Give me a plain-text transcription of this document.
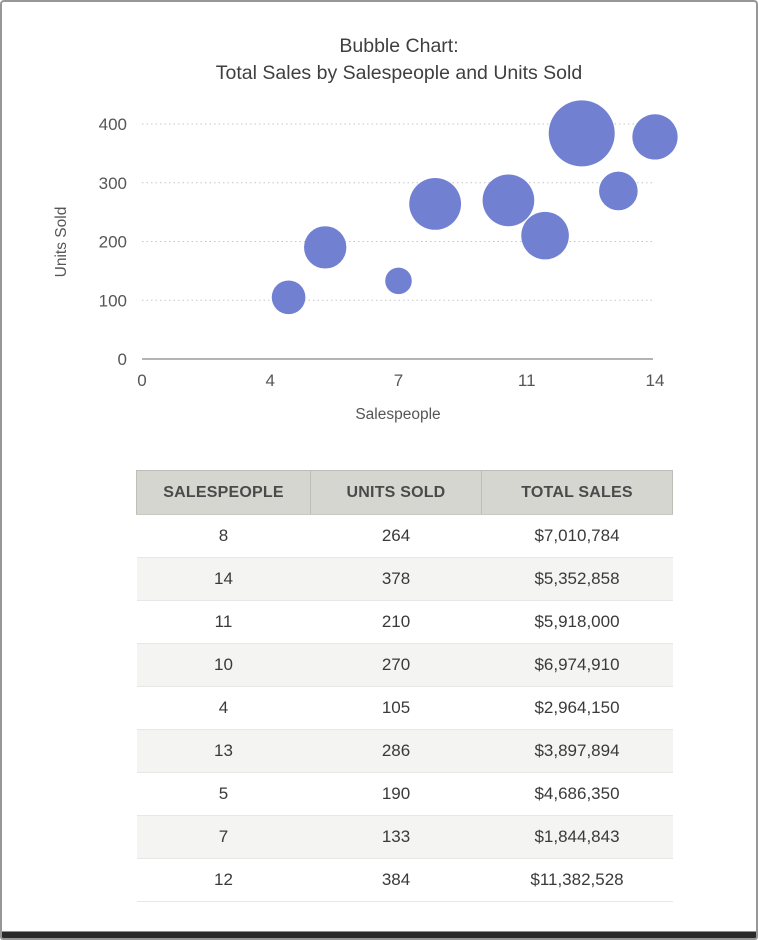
Bubble Chart:
Total Sales by Salespeople and Units Sold
0
100
200
300
400
0	4	7	11	14
Units Sold
Salespeople
SALESPEOPLE	UNITS SOLD	TOTAL SALES
8	264	$7,010,784
14	378	$5,352,858
11	210	$5,918,000
10	270	$6,974,910
4	105	$2,964,150
13	286	$3,897,894
5	190	$4,686,350
7	133	$1,844,843
12	384	$11,382,528
